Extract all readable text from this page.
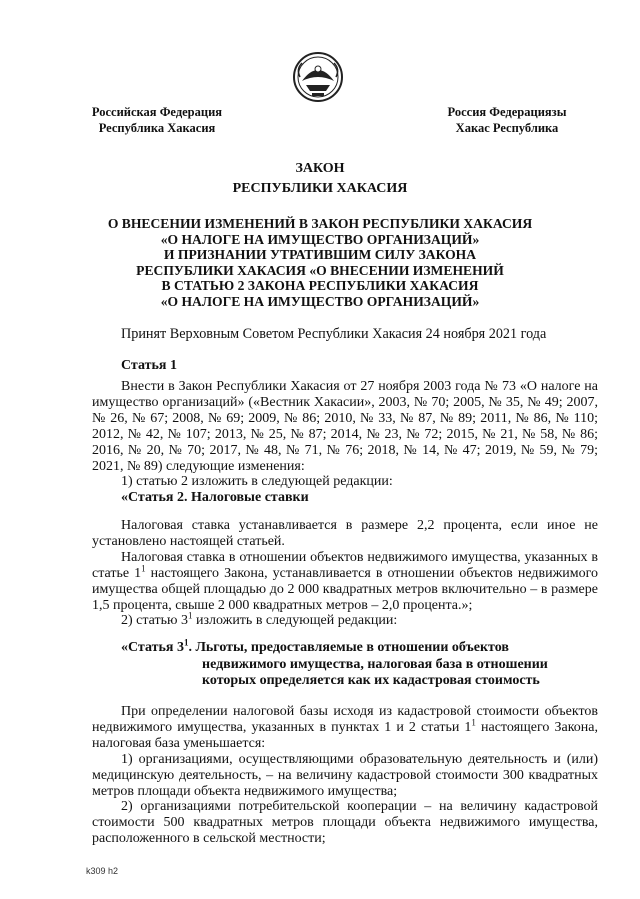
Российская Федерация
Республика Хакасия
Россия Федерациязы
Хакас Республика
ЗАКОН
РЕСПУБЛИКИ ХАКАСИЯ
О ВНЕСЕНИИ ИЗМЕНЕНИЙ В ЗАКОН РЕСПУБЛИКИ ХАКАСИЯ
«О НАЛОГЕ НА ИМУЩЕСТВО ОРГАНИЗАЦИЙ»
И ПРИЗНАНИИ УТРАТИВШИМ СИЛУ ЗАКОНА
РЕСПУБЛИКИ ХАКАСИЯ «О ВНЕСЕНИИ ИЗМЕНЕНИЙ
В СТАТЬЮ 2 ЗАКОНА РЕСПУБЛИКИ ХАКАСИЯ
«О НАЛОГЕ НА ИМУЩЕСТВО ОРГАНИЗАЦИЙ»
Принят Верховным Советом Республики Хакасия 24 ноября 2021 года
Статья 1

Внести в Закон Республики Хакасия от 27 ноября 2003 года № 73 «О налоге на имущество организаций» («Вестник Хакасии», 2003, № 70; 2005, № 35, № 49; 2007, № 26, № 67; 2008, № 69; 2009, № 86; 2010, № 33, № 87, № 89; 2011, № 86, № 110; 2012, № 42, № 107; 2013, № 25, № 87; 2014, № 23, № 72; 2015, № 21, № 58, № 86; 2016, № 20, № 70; 2017, № 48, № 71, № 76; 2018, № 14, № 47; 2019, № 59, № 79; 2021, № 89) следующие изменения:

1) статью 2 изложить в следующей редакции:

«Статья 2. Налоговые ставки

Налоговая ставка устанавливается в размере 2,2 процента, если иное не установлено настоящей статьей.

Налоговая ставка в отношении объектов недвижимого имущества, указанных в статье $1^1$ настоящего Закона, устанавливается в отношении объектов недвижимого имущества общей площадью до 2 000 квадратных метров включительно – в размере 1,5 процента, свыше 2 000 квадратных метров – 2,0 процента.»;

2) статью $3^1$ изложить в следующей редакции:

«Статья $3^1$. Льготы, предоставляемые в отношении объектов
недвижимого имущества, налоговая база в отношении
которых определяется как их кадастровая стоимость

При определении налоговой базы исходя из кадастровой стоимости объектов недвижимого имущества, указанных в пунктах 1 и 2 статьи $1^1$ настоящего Закона, налоговая база уменьшается:

1) организациями, осуществляющими образовательную деятельность и (или) медицинскую деятельность, – на величину кадастровой стоимости 300 квадратных метров площади объекта недвижимого имущества;

2) организациями потребительской кооперации – на величину кадастровой стоимости 500 квадратных метров площади объекта недвижимого имущества, расположенного в сельской местности;

k309 h2
